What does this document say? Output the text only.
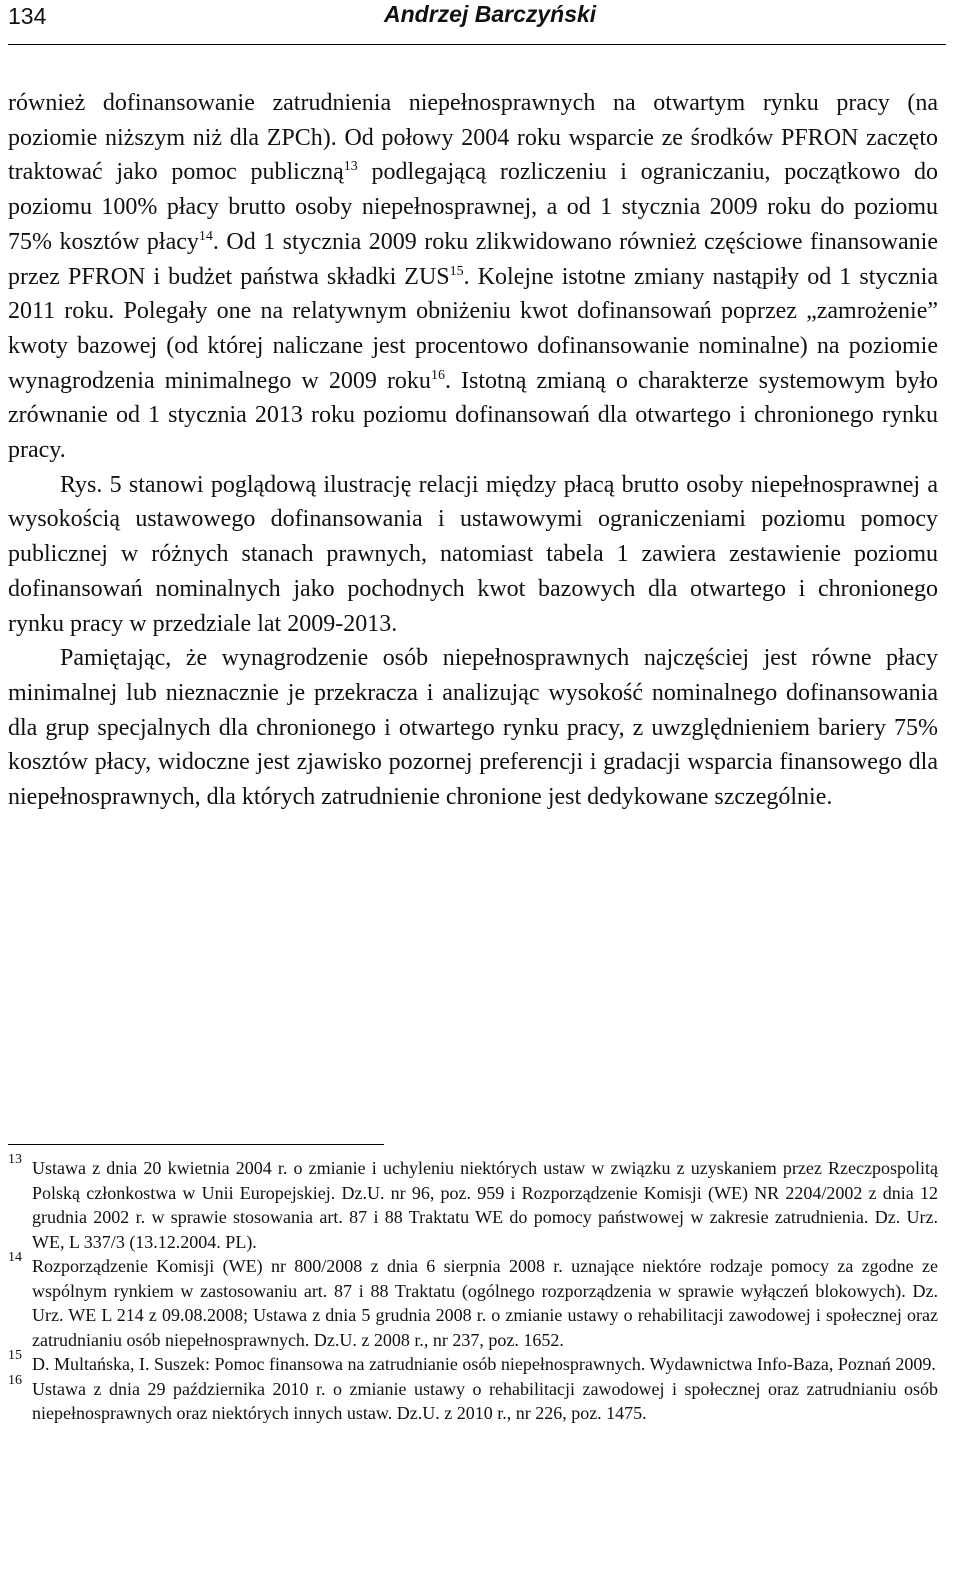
134	Andrzej Barczyński

również dofinansowanie zatrudnienia niepełnosprawnych na otwartym rynku pracy (na poziomie niższym niż dla ZPCh). Od połowy 2004 roku wsparcie ze środków PFRON zaczęto traktować jako pomoc publiczną$^{13}$ podlegającą rozliczeniu i ograniczaniu, początkowo do poziomu 100% płacy brutto osoby niepełnosprawnej, a od 1 stycznia 2009 roku do poziomu 75% kosztów płacy$^{14}$. Od 1 stycznia 2009 roku zlikwidowano również częściowe finansowanie przez PFRON i budżet państwa składki ZUS$^{15}$. Kolejne istotne zmiany nastąpiły od 1 stycznia 2011 roku. Polegały one na relatywnym obniżeniu kwot dofinansowań poprzez „zamrożenie” kwoty bazowej (od której naliczane jest procentowo dofinansowanie nominalne) na poziomie wynagrodzenia minimalnego w 2009 roku$^{16}$. Istotną zmianą o charakterze systemowym było zrównanie od 1 stycznia 2013 roku poziomu dofinansowań dla otwartego i chronionego rynku pracy.

Rys. 5 stanowi poglądową ilustrację relacji między płacą brutto osoby niepełnosprawnej a wysokością ustawowego dofinansowania i ustawowymi ograniczeniami poziomu pomocy publicznej w różnych stanach prawnych, natomiast tabela 1 zawiera zestawienie poziomu dofinansowań nominalnych jako pochodnych kwot bazowych dla otwartego i chronionego rynku pracy w przedziale lat 2009-2013.

Pamiętając, że wynagrodzenie osób niepełnosprawnych najczęściej jest równe płacy minimalnej lub nieznacznie je przekracza i analizując wysokość nominalnego dofinansowania dla grup specjalnych dla chronionego i otwartego rynku pracy, z uwzględnieniem bariery 75% kosztów płacy, widoczne jest zjawisko pozornej preferencji i gradacji wsparcia finansowego dla niepełnosprawnych, dla których zatrudnienie chronione jest dedykowane szczególnie.

13 Ustawa z dnia 20 kwietnia 2004 r. o zmianie i uchyleniu niektórych ustaw w związku z uzyskaniem przez Rzeczpospolitą Polską członkostwa w Unii Europejskiej. Dz.U. nr 96, poz. 959 i Rozporządzenie Komisji (WE) NR 2204/2002 z dnia 12 grudnia 2002 r. w sprawie stosowania art. 87 i 88 Traktatu WE do pomocy państwowej w zakresie zatrudnienia. Dz. Urz. WE, L 337/3 (13.12.2004. PL).
14 Rozporządzenie Komisji (WE) nr 800/2008 z dnia 6 sierpnia 2008 r. uznające niektóre rodzaje pomocy za zgodne ze wspólnym rynkiem w zastosowaniu art. 87 i 88 Traktatu (ogólnego rozporządzenia w sprawie wyłączeń blokowych). Dz. Urz. WE L 214 z 09.08.2008; Ustawa z dnia 5 grudnia 2008 r. o zmianie ustawy o rehabilitacji zawodowej i społecznej oraz zatrudnianiu osób niepełnosprawnych. Dz.U. z 2008 r., nr 237, poz. 1652.
15 D. Multańska, I. Suszek: Pomoc finansowa na zatrudnianie osób niepełnosprawnych. Wydawnictwa Info-Baza, Poznań 2009.
16 Ustawa z dnia 29 października 2010 r. o zmianie ustawy o rehabilitacji zawodowej i społecznej oraz zatrudnianiu osób niepełnosprawnych oraz niektórych innych ustaw. Dz.U. z 2010 r., nr 226, poz. 1475.
